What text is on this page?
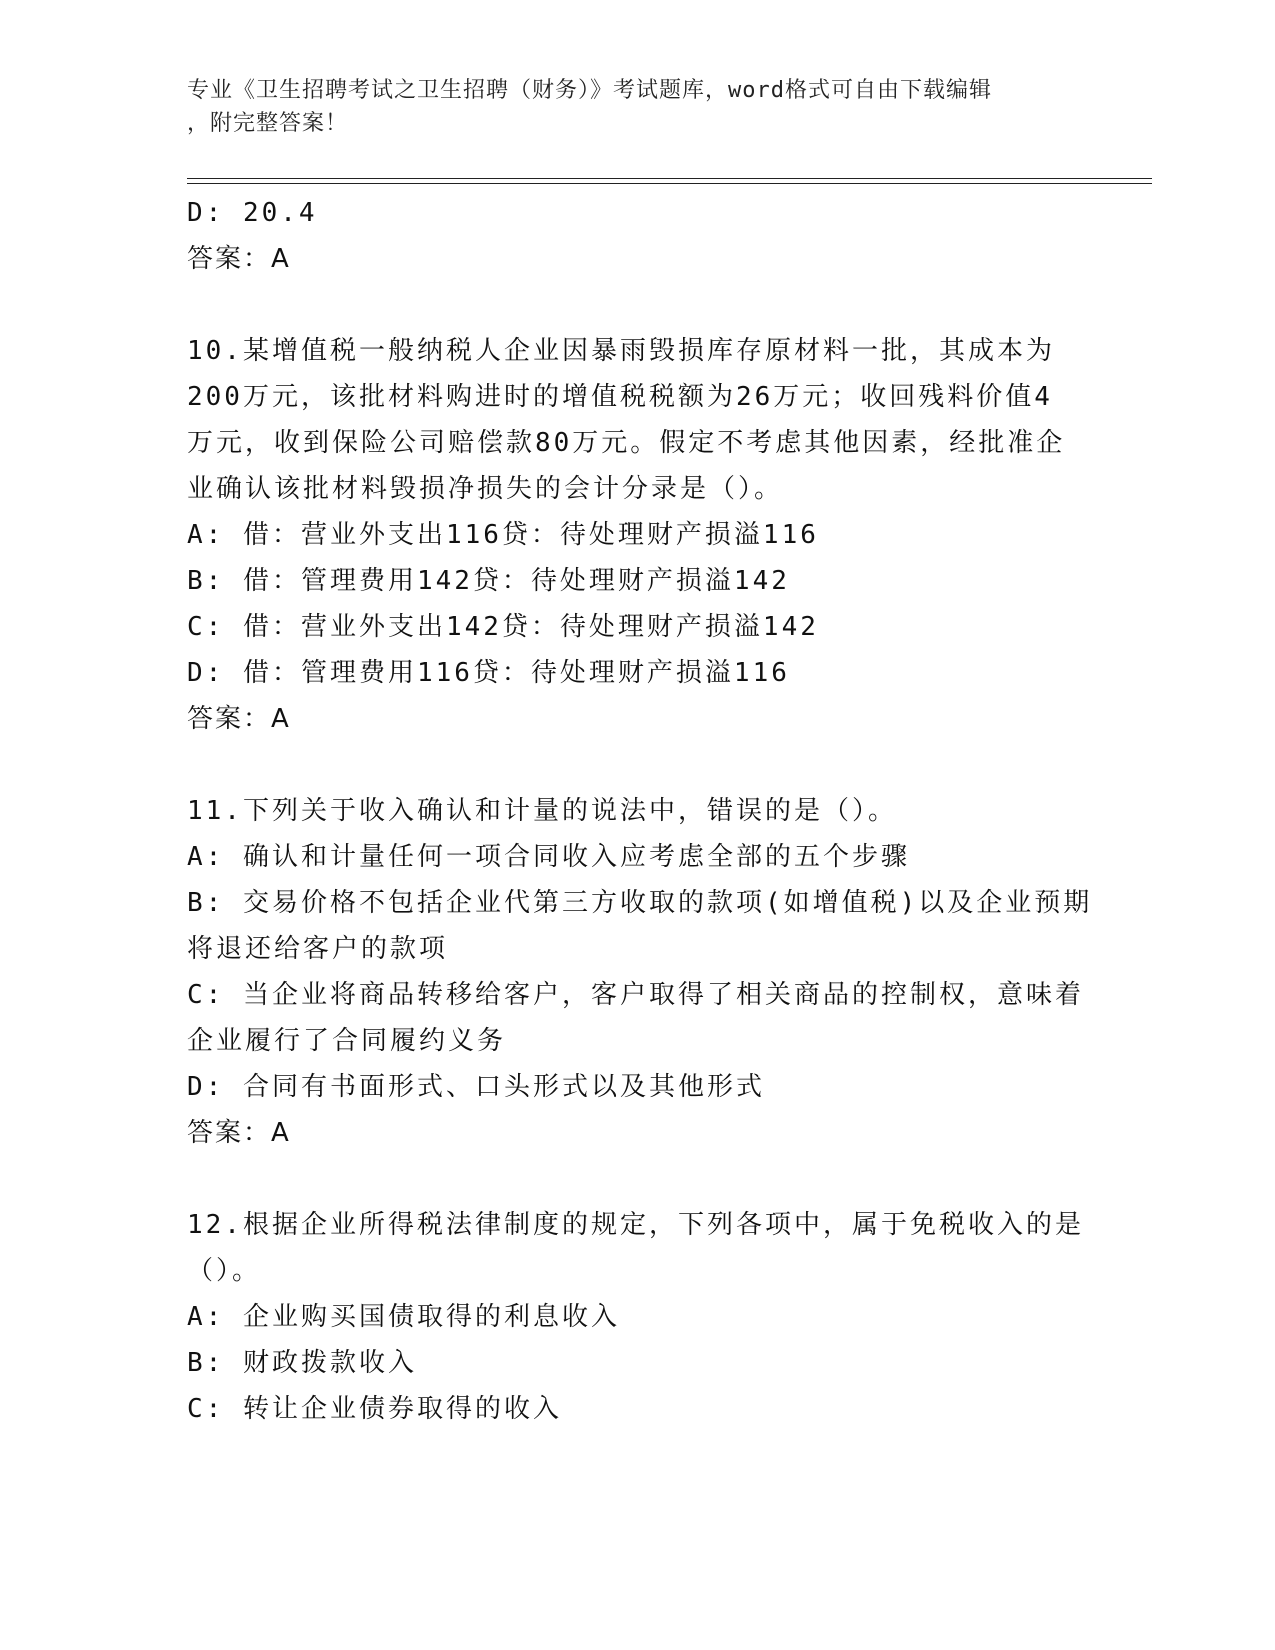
专业《卫生招聘考试之卫生招聘（财务）》考试题库，word格式可自由下载编辑
，附完整答案！
D: 20.4
答案：A
10.某增值税一般纳税人企业因暴雨毁损库存原材料一批，其成本为
200万元，该批材料购进时的增值税税额为26万元；收回残料价值4
万元，收到保险公司赔偿款80万元。假定不考虑其他因素，经批准企
业确认该批材料毁损净损失的会计分录是（）。
A: 借：营业外支出116贷：待处理财产损溢116
B: 借：管理费用142贷：待处理财产损溢142
C: 借：营业外支出142贷：待处理财产损溢142
D: 借：管理费用116贷：待处理财产损溢116
答案：A
11.下列关于收入确认和计量的说法中，错误的是（）。
A: 确认和计量任何一项合同收入应考虑全部的五个步骤
B: 交易价格不包括企业代第三方收取的款项(如增值税)以及企业预期
将退还给客户的款项
C: 当企业将商品转移给客户，客户取得了相关商品的控制权，意味着
企业履行了合同履约义务
D: 合同有书面形式、口头形式以及其他形式
答案：A
12.根据企业所得税法律制度的规定，下列各项中，属于免税收入的是
（）。
A: 企业购买国债取得的利息收入
B: 财政拨款收入
C: 转让企业债券取得的收入
